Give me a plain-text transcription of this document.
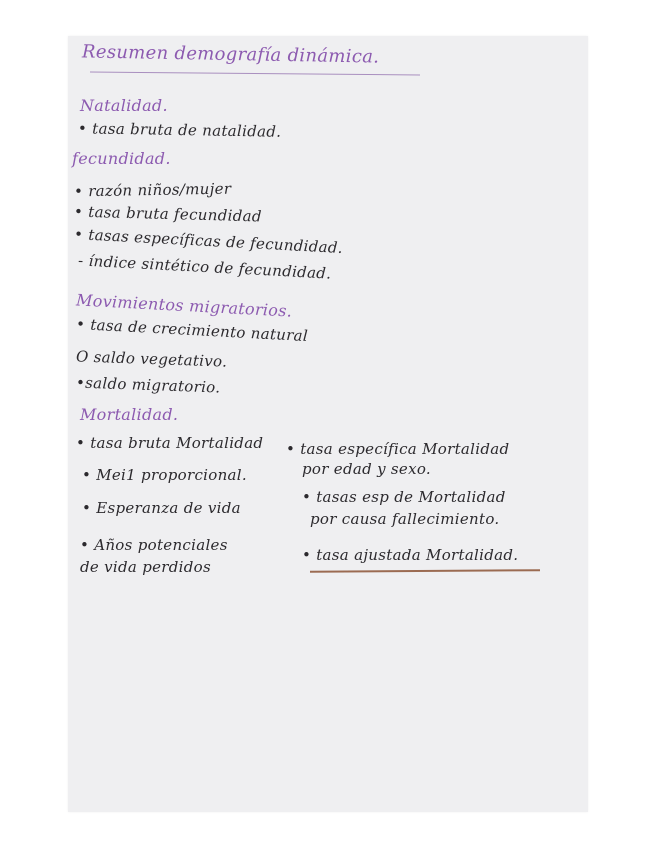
Resumen demografía dinámica.
Natalidad.
• tasa bruta de natalidad.
fecundidad.
• razón niños/mujer
• tasa bruta fecundidad
• tasas específicas de fecundidad.
- índice sintético de fecundidad.
Movimientos migratorios.
• tasa de crecimiento natural
O saldo vegetativo.
•saldo migratorio.
Mortalidad.
• tasa bruta Mortalidad
• Mei1 proporcional.
• Esperanza de vida
• Años potenciales
de vida perdidos
• tasa específica Mortalidad
por edad y sexo.
• tasas esp de Mortalidad
por causa fallecimiento.
• tasa ajustada Mortalidad.
